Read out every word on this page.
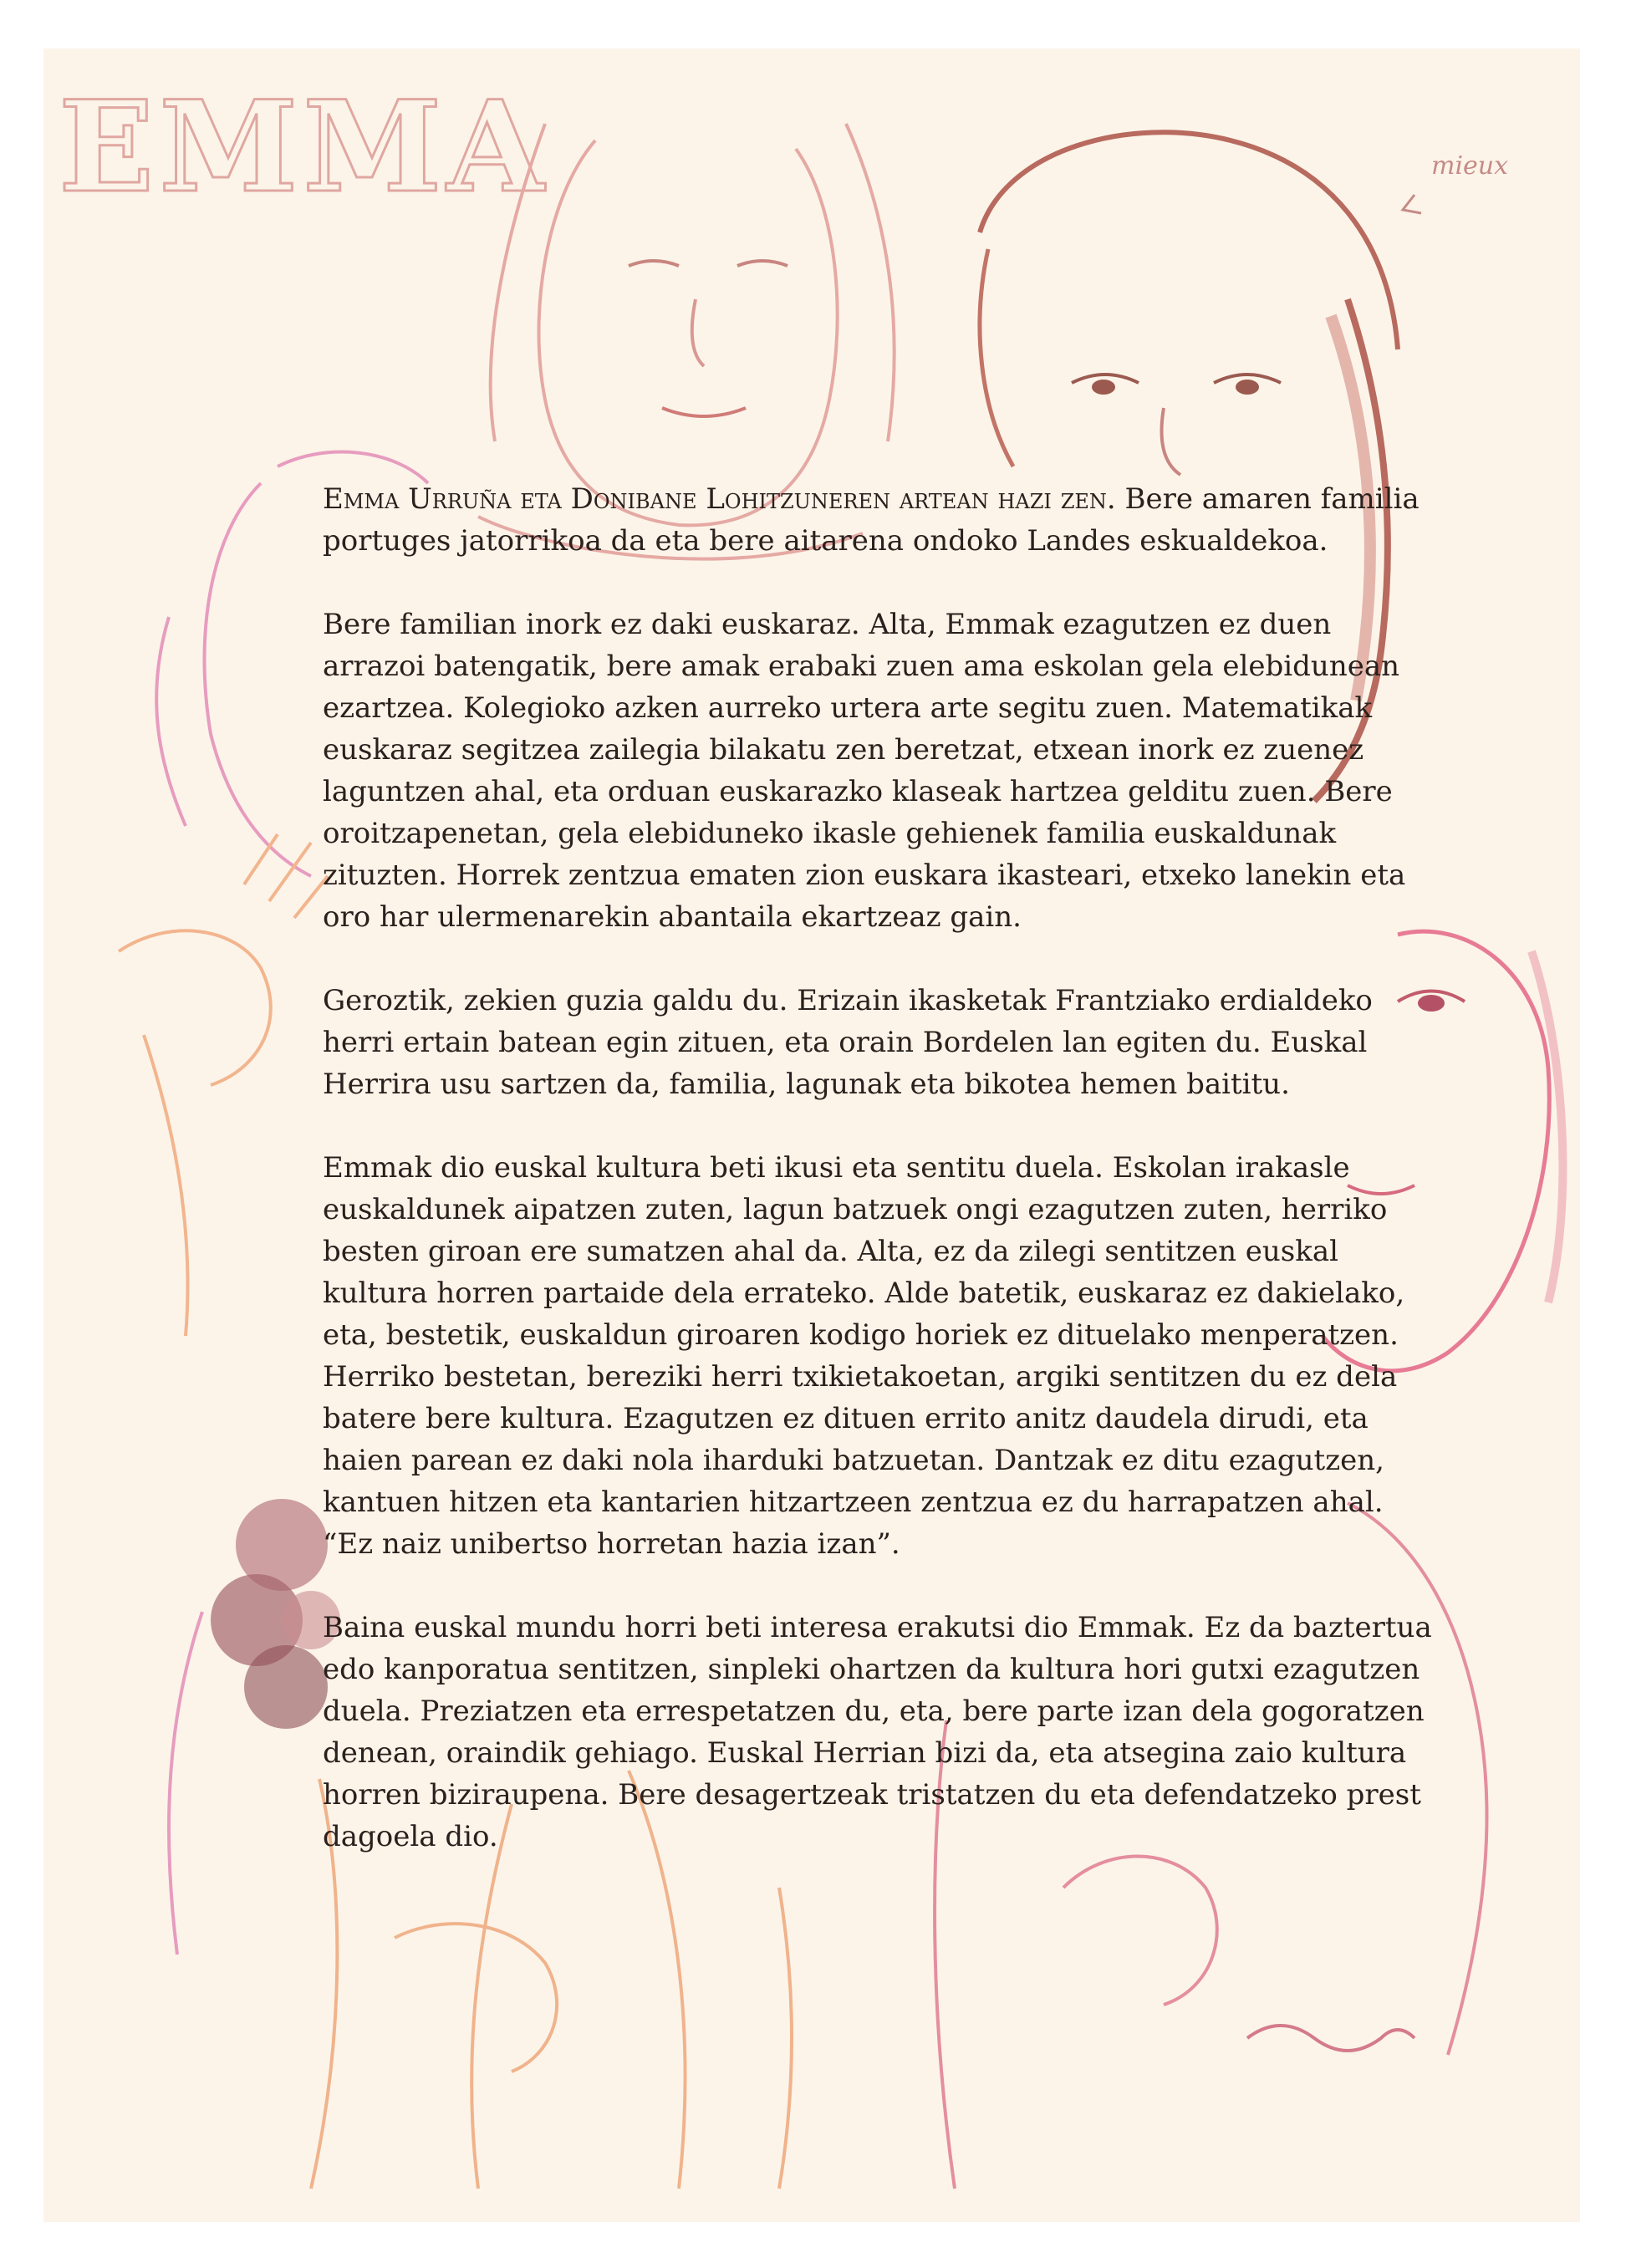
EMMA	mieux

Emma Urruña eta Donibane Lohitzuneren artean hazi zen. Bere amaren familia portuges jatorrikoa da eta bere aitarena ondoko Landes eskualdekoa.

Bere familian inork ez daki euskaraz. Alta, Emmak ezagutzen ez duen arrazoi batengatik, bere amak erabaki zuen ama eskolan gela elebidunean ezartzea. Kolegioko azken aurreko urtera arte segitu zuen. Matematikak euskaraz segitzea zailegia bilakatu zen beretzat, etxean inork ez zuenez laguntzen ahal, eta orduan euskarazko klaseak hartzea gelditu zuen. Bere oroitzapenetan, gela elebiduneko ikasle gehienek familia euskaldunak zituzten. Horrek zentzua ematen zion euskara ikasteari, etxeko lanekin eta oro har ulermenarekin abantaila ekartzeaz gain.

Geroztik, zekien guzia galdu du. Erizain ikasketak Frantziako erdialdeko herri ertain batean egin zituen, eta orain Bordelen lan egiten du. Euskal Herrira usu sartzen da, familia, lagunak eta bikotea hemen baititu.

Emmak dio euskal kultura beti ikusi eta sentitu duela. Eskolan irakasle euskaldunek aipatzen zuten, lagun batzuek ongi ezagutzen zuten, herriko besten giroan ere sumatzen ahal da. Alta, ez da zilegi sentitzen euskal kultura horren partaide dela errateko. Alde batetik, euskaraz ez dakielako, eta, bestetik, euskaldun giroaren kodigo horiek ez dituelako menperatzen. Herriko bestetan, bereziki herri txikietakoetan, argiki sentitzen du ez dela batere bere kultura. Ezagutzen ez dituen errito anitz daudela dirudi, eta haien parean ez daki nola iharduki batzuetan. Dantzak ez ditu ezagutzen, kantuen hitzen eta kantarien hitzartzeen zentzua ez du harrapatzen ahal. “Ez naiz unibertso horretan hazia izan”.

Baina euskal mundu horri beti interesa erakutsi dio Emmak. Ez da baztertua edo kanporatua sentitzen, sinpleki ohartzen da kultura hori gutxi ezagutzen duela. Preziatzen eta errespetatzen du, eta, bere parte izan dela gogoratzen denean, oraindik gehiago. Euskal Herrian bizi da, eta atsegina zaio kultura horren biziraupena. Bere desagertzeak tristatzen du eta defendatzeko prest dagoela dio.
